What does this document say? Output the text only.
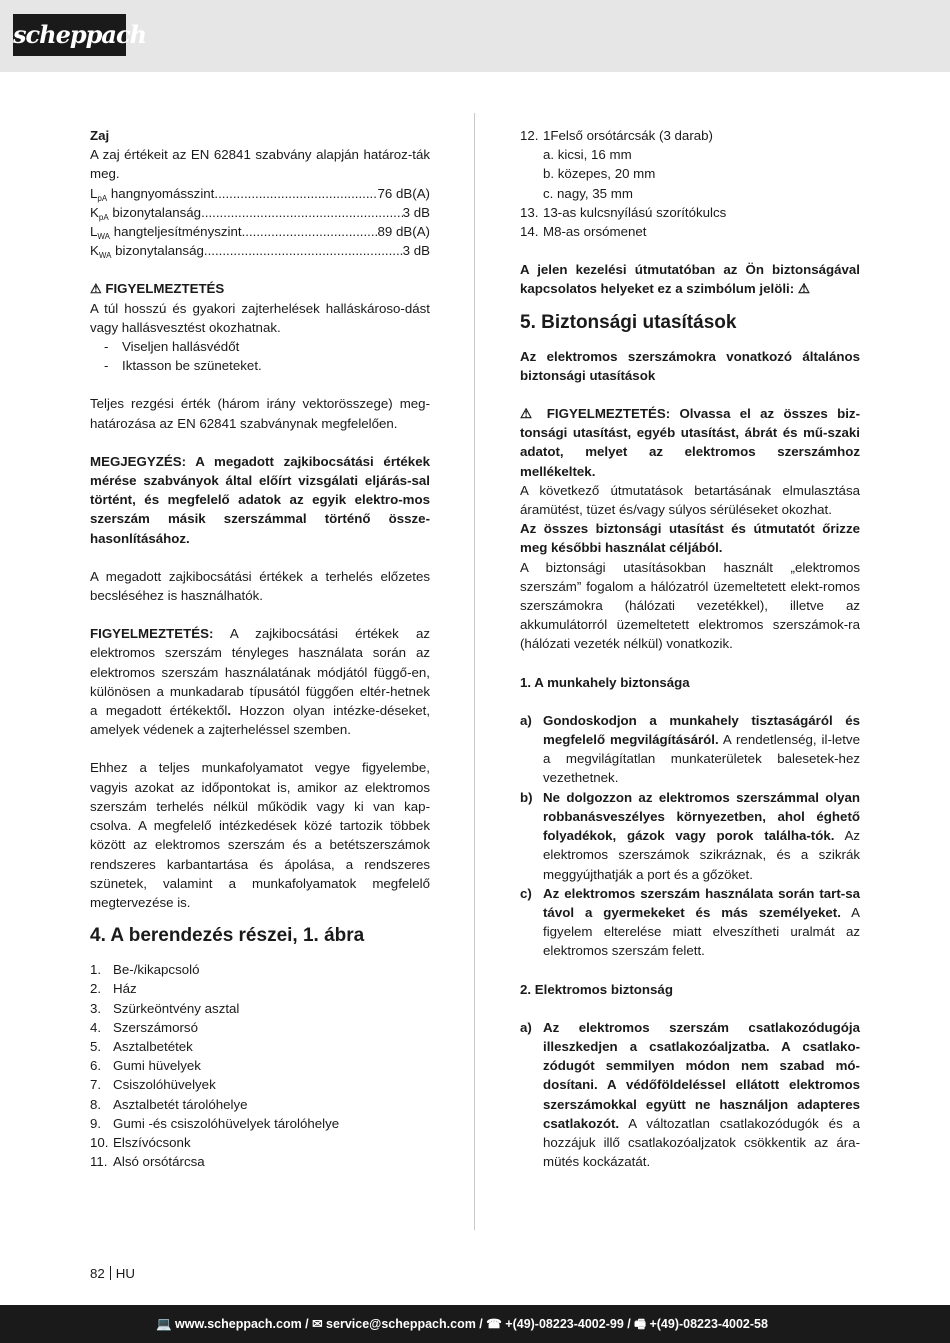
scheppach
Zaj
A zaj értékeit az EN 62841 szabvány alapján határoz-ták meg.
$L_{pA}$ hangnyomásszint .....	76 dB(A)
$K_{pA}$ bizonytalanság .....	3 dB
$L_{WA}$ hangteljesítményszint .....	89 dB(A)
$K_{WA}$ bizonytalanság .....	3 dB
⚠ FIGYELMEZTETÉS
A túl hosszú és gyakori zajterhelések halláskároso-dást vagy hallásvesztést okozhatnak.
-	Viseljen hallásvédőt
-	Iktasson be szüneteket.
Teljes rezgési érték (három irány vektorösszege) meg-határozása az EN 62841 szabványnak megfelelően.
MEGJEGYZÉS: A megadott zajkibocsátási értékek mérése szabványok által előírt vizsgálati eljárás-sal történt, és megfelelő adatok az egyik elektro-mos szerszám másik szerszámmal történő össze-hasonlításához.
A megadott zajkibocsátási értékek a terhelés előzetes becsléséhez is használhatók.
FIGYELMEZTETÉS: A zajkibocsátási értékek az elektromos szerszám tényleges használata során az elektromos szerszám használatának módjától függő-en, különösen a munkadarab típusától függően eltér-hetnek a megadott értékektől. Hozzon olyan intézke-déseket, amelyek védenek a zajterheléssel szemben.
Ehhez a teljes munkafolyamatot vegye figyelembe, vagyis azokat az időpontokat is, amikor az elektromos szerszám terhelés nélkül működik vagy ki van kap-csolva. A megfelelő intézkedések közé tartozik többek között az elektromos szerszám és a betétszerszámok rendszeres karbantartása és ápolása, a rendszeres szünetek, valamint a munkafolyamatok megfelelő megtervezése is.
4. A berendezés részei, 1. ábra
1. Be-/kikapcsoló
2. Ház
3. Szürkeöntvény asztal
4. Szerszámorsó
5. Asztalbetétek
6. Gumi hüvelyek
7. Csiszolóhüvelyek
8. Asztalbetét tárolóhelye
9. Gumi -és csiszolóhüvelyek tárolóhelye
10. Elszívócsonk
11. Alsó orsótárcsa
12. 1Felső orsótárcsák (3 darab)
a. kicsi, 16 mm
b. közepes, 20 mm
c. nagy, 35 mm
13. 13-as kulcsnyílású szorítókulcs
14. M8-as orsómenet
A jelen kezelési útmutatóban az Ön biztonságával kapcsolatos helyeket ez a szimbólum jelöli: ⚠
5. Biztonsági utasítások
Az elektromos szerszámokra vonatkozó általános biztonsági utasítások
⚠ FIGYELMEZTETÉS: Olvassa el az összes biz-tonsági utasítást, egyéb utasítást, ábrát és mű-szaki adatot, melyet az elektromos szerszámhoz mellékeltek.
A következő útmutatások betartásának elmulasztása áramütést, tüzet és/vagy súlyos sérüléseket okozhat.
Az összes biztonsági utasítást és útmutatót őrizze meg későbbi használat céljából.
A biztonsági utasításokban használt „elektromos szerszám” fogalom a hálózatról üzemeltetett elekt-romos szerszámokra (hálózati vezetékkel), illetve az akkumulátorról üzemeltetett elektromos szerszámok-ra (hálózati vezeték nélkül) vonatkozik.
1. A munkahely biztonsága
a) Gondoskodjon a munkahely tisztaságáról és megfelelő megvilágításáról. A rendetlenség, il-letve a megvilágítatlan munkaterületek balesetek-hez vezethetnek.
b) Ne dolgozzon az elektromos szerszámmal olyan robbanásveszélyes környezetben, ahol éghető folyadékok, gázok vagy porok találha-tók. Az elektromos szerszámok szikráznak, és a szikrák meggyújthatják a port és a gőzöket.
c) Az elektromos szerszám használata során tart-sa távol a gyermekeket és más személyeket. A figyelem elterelése miatt elveszítheti uralmát az elektromos szerszám felett.
2. Elektromos biztonság
a) Az elektromos szerszám csatlakozódugója illeszkedjen a csatlakozóaljzatba. A csatlako-zódugót semmilyen módon nem szabad mó-dosítani. A védőföldeléssel ellátott elektromos szerszámokkal együtt ne használjon adapteres csatlakozót. A változatlan csatlakozódugók és a hozzájuk illő csatlakozóaljzatok csökkentik az ára-mütés kockázatát.
82 HU
💻 www.scheppach.com / ✉ service@scheppach.com / ☎ +(49)-08223-4002-99 / 🖷 +(49)-08223-4002-58
